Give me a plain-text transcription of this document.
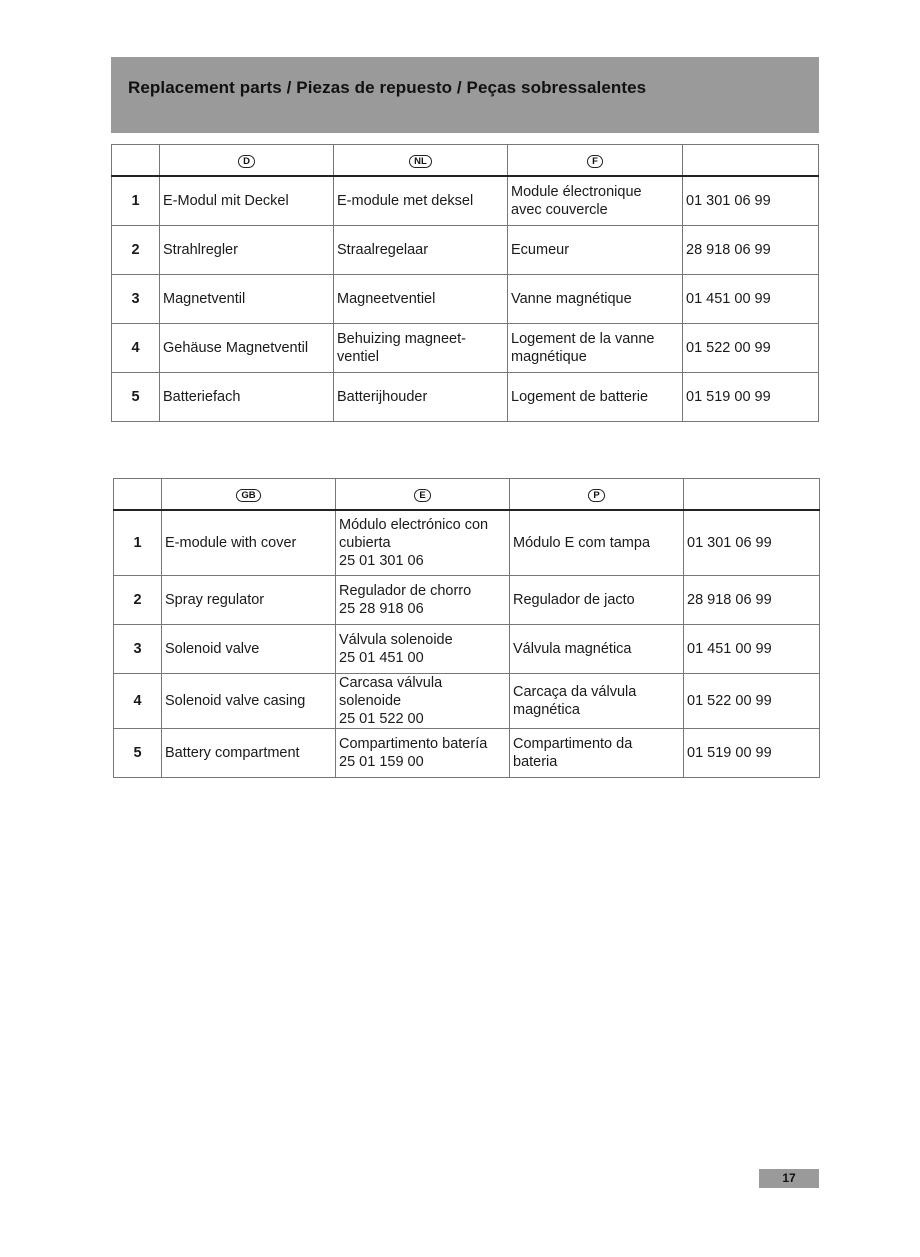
Replacement parts / Piezas de repuesto / Peças sobressalentes
	D	NL	F	
1	E-Modul mit Deckel	E-module met deksel	Module électronique
avec couvercle	01 301 06 99
2	Strahlregler	Straalregelaar	Ecumeur	28 918 06 99
3	Magnetventil	Magneetventiel	Vanne magnétique	01 451 00 99
4	Gehäuse Magnetventil	Behuizing magneet-
ventiel	Logement de la vanne
magnétique	01 522 00 99
5	Batteriefach	Batterijhouder	Logement de batterie	01 519 00 99
	GB	E	P	
1	E-module with cover	Módulo electrónico con
cubierta
25 01 301 06	Módulo E com tampa	01 301 06 99
2	Spray regulator	Regulador de chorro
25 28 918 06	Regulador de jacto	28 918 06 99
3	Solenoid valve	Válvula solenoide
25 01 451 00	Válvula magnética	01 451 00 99
4	Solenoid valve casing	Carcasa válvula solenoide
25 01 522 00	Carcaça da válvula
magnética	01 522 00 99
5	Battery compartment	Compartimento batería
25 01 159 00	Compartimento da
bateria	01 519 00 99
17
